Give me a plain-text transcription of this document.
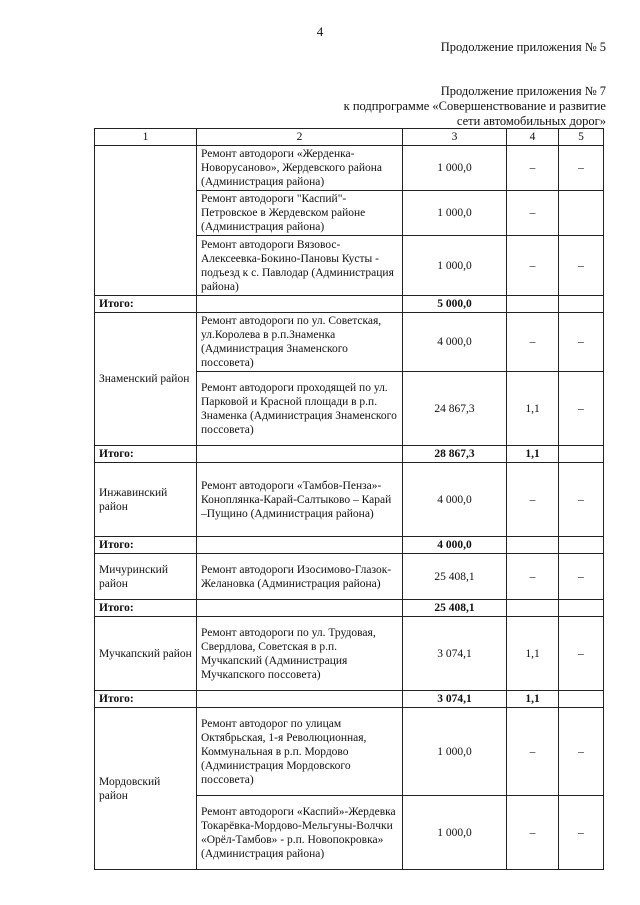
4
Продолжение приложения № 5
Продолжение приложения № 7
к подпрограмме «Совершенствование и развитие
сети автомобильных дорог»
1	2	3	4	5
	Ремонт автодороги «Жерденка-Новорусаново», Жердевского района (Администрация района)	1 000,0	–	–
	Ремонт автодороги "Каспий"-Петровское в Жердевском районе (Администрация района)	1 000,0	–	
	Ремонт автодороги Вязовос-Алексеевка-Бокино-Пановы Кусты - подъезд к с. Павлодар (Администрация района)	1 000,0	–	–
Итого:		5 000,0		
Знаменский район	Ремонт автодороги по ул. Советская, ул.Королева в р.п.Знаменка (Администрация Знаменского поссовета)	4 000,0	–	–
	Ремонт автодороги проходящей по ул. Парковой и Красной площади в р.п. Знаменка (Администрация Знаменского поссовета)	24 867,3	1,1	–
Итого:		28 867,3	1,1	
Инжавинский район	Ремонт автодороги «Тамбов-Пенза»- Коноплянка-Карай-Салтыково – Карай –Пущино (Администрация района)	4 000,0	–	–
Итого:		4 000,0		
Мичуринский район	Ремонт автодороги Изосимово-Глазок- Желановка (Администрация района)	25 408,1	–	–
Итого:		25 408,1		
Мучкапский район	Ремонт автодороги по ул. Трудовая, Свердлова, Советская в р.п. Мучкапский (Администрация Мучкапского поссовета)	3 074,1	1,1	–
Итого:		3 074,1	1,1	
Мордовский район	Ремонт автодорог по улицам Октябрьская, 1-я Революционная, Коммунальная в р.п. Мордово (Администрация Мордовского поссовета)	1 000,0	–	–
	Ремонт автодороги «Каспий»-Жердевка Токарёвка-Мордово-Мельгуны-Волчки «Орёл-Тамбов» - р.п. Новопокровка» (Администрация района)	1 000,0	–	–
